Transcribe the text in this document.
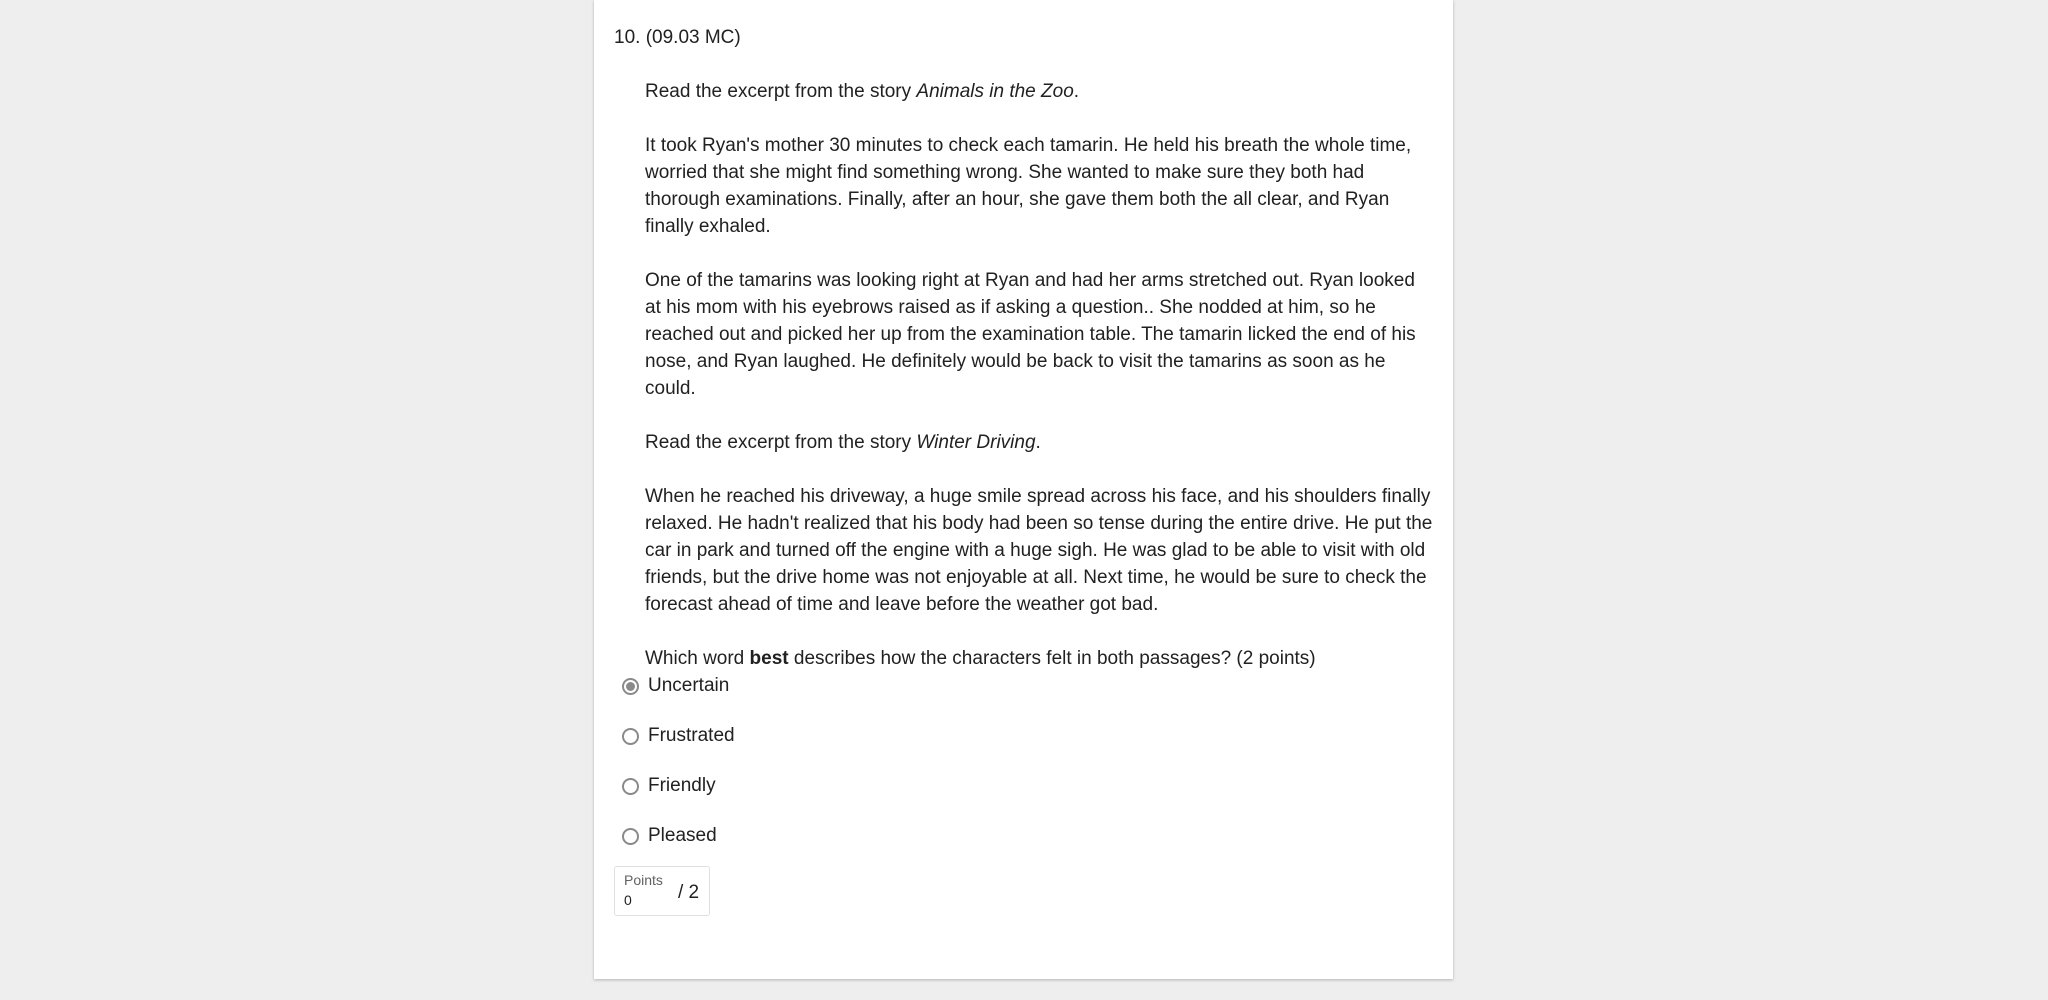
10. (09.03 MC)

Read the excerpt from the story Animals in the Zoo.

It took Ryan's mother 30 minutes to check each tamarin. He held his breath the whole time, worried that she might find something wrong. She wanted to make sure they both had thorough examinations. Finally, after an hour, she gave them both the all clear, and Ryan finally exhaled.

One of the tamarins was looking right at Ryan and had her arms stretched out. Ryan looked at his mom with his eyebrows raised as if asking a question.. She nodded at him, so he reached out and picked her up from the examination table. The tamarin licked the end of his nose, and Ryan laughed. He definitely would be back to visit the tamarins as soon as he could.

Read the excerpt from the story Winter Driving.

When he reached his driveway, a huge smile spread across his face, and his shoulders finally relaxed. He hadn't realized that his body had been so tense during the entire drive. He put the car in park and turned off the engine with a huge sigh. He was glad to be able to visit with old friends, but the drive home was not enjoyable at all. Next time, he would be sure to check the forecast ahead of time and leave before the weather got bad.

Which word best describes how the characters felt in both passages? (2 points)

Uncertain
Frustrated
Friendly
Pleased
Points
0
/ 2
